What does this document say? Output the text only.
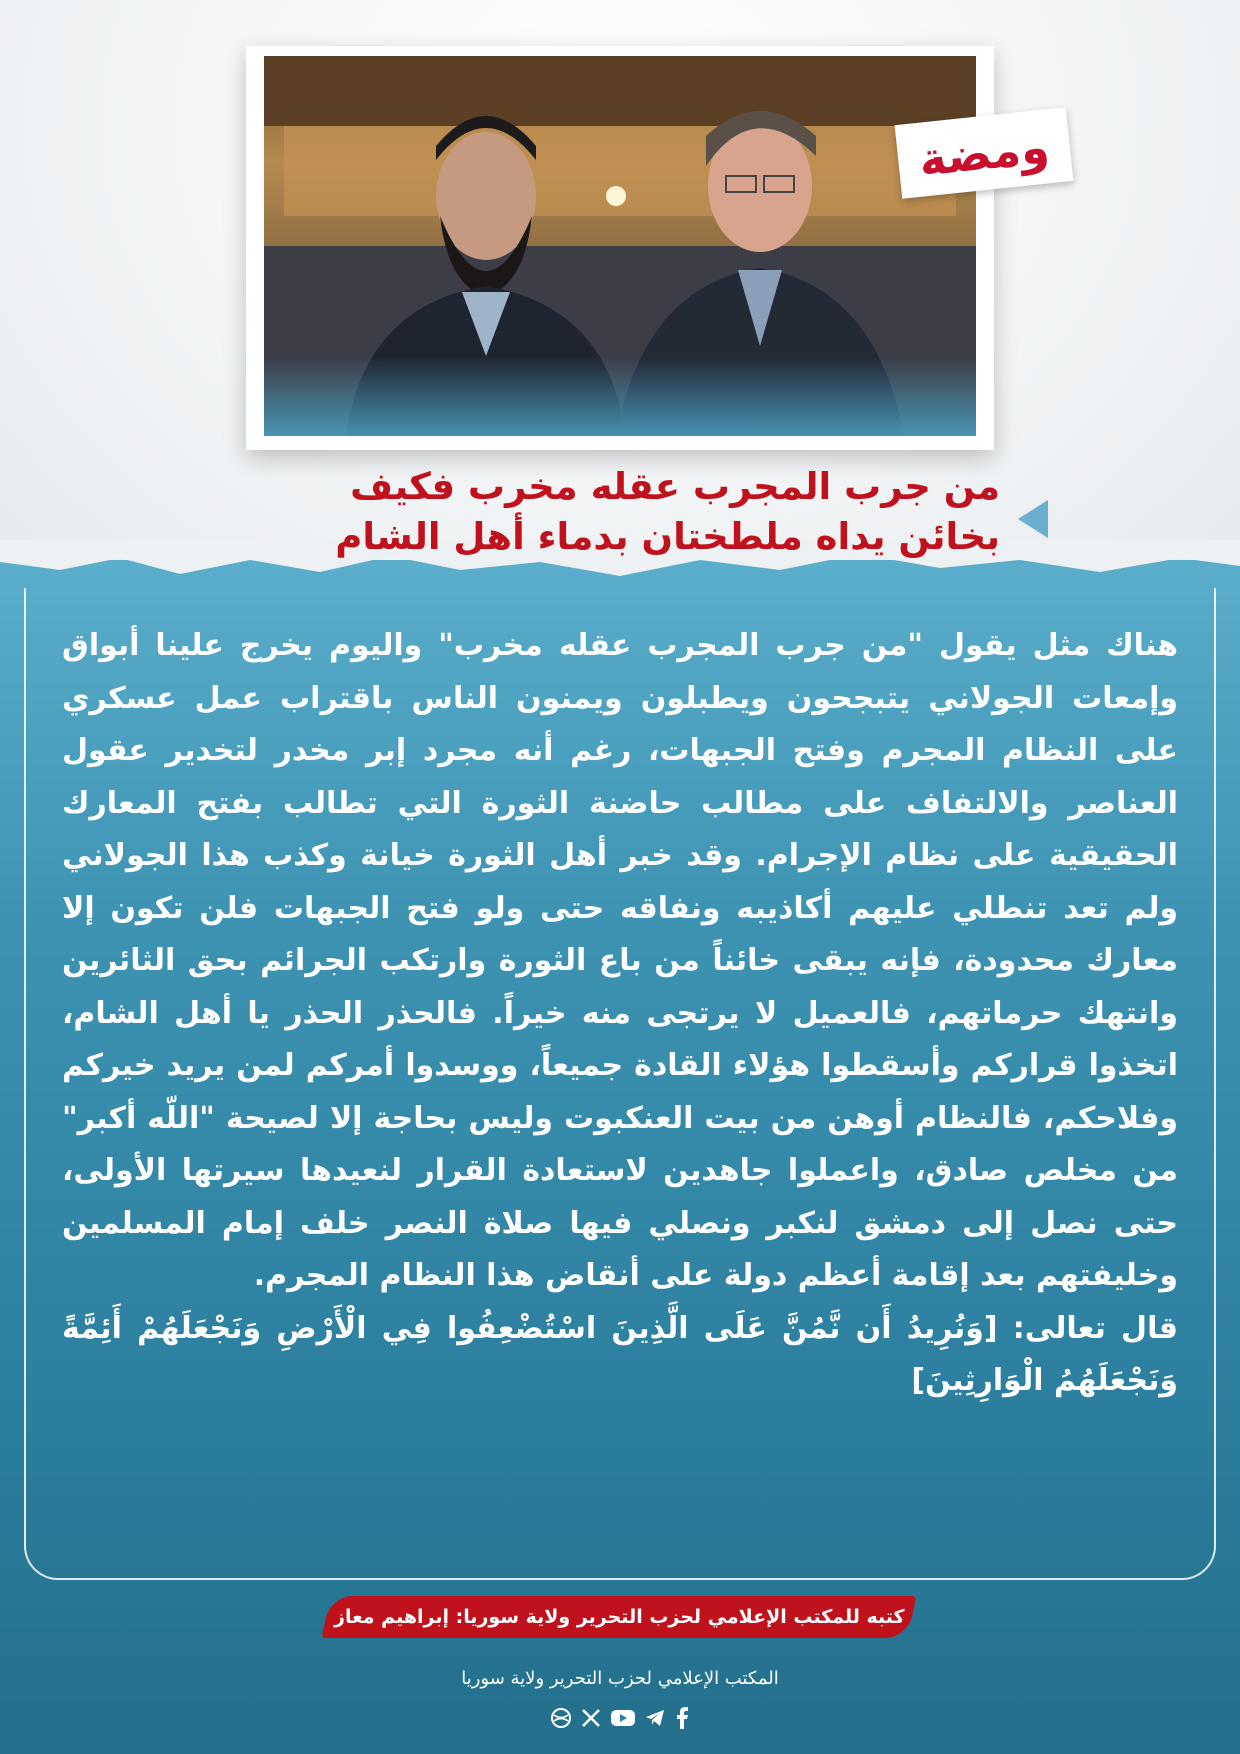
ومضة
من جرب المجرب عقله مخرب فكيف
بخائن يداه ملطختان بدماء أهل الشام
هناك مثل يقول "من جرب المجرب عقله مخرب" واليوم يخرج علينا أبواق وإمعات الجولاني يتبجحون ويطبلون ويمنون الناس باقتراب عمل عسكري على النظام المجرم وفتح الجبهات، رغم أنه مجرد إبر مخدر لتخدير عقول العناصر والالتفاف على مطالب حاضنة الثورة التي تطالب بفتح المعارك الحقيقية على نظام الإجرام. وقد خبر أهل الثورة خيانة وكذب هذا الجولاني ولم تعد تنطلي عليهم أكاذيبه ونفاقه حتى ولو فتح الجبهات فلن تكون إلا معارك محدودة، فإنه يبقى خائناً من باع الثورة وارتكب الجرائم بحق الثائرين وانتهك حرماتهم، فالعميل لا يرتجى منه خيراً. فالحذر الحذر يا أهل الشام، اتخذوا قراركم وأسقطوا هؤلاء القادة جميعاً، ووسدوا أمركم لمن يريد خيركم وفلاحكم، فالنظام أوهن من بيت العنكبوت وليس بحاجة إلا لصيحة "اللّه أكبر" من مخلص صادق، واعملوا جاهدين لاستعادة القرار لنعيدها سيرتها الأولى، حتى نصل إلى دمشق لنكبر ونصلي فيها صلاة النصر خلف إمام المسلمين وخليفتهم بعد إقامة أعظم دولة على أنقاض هذا النظام المجرم.
قال تعالى: [وَنُرِيدُ أَن نَّمُنَّ عَلَى الَّذِينَ اسْتُضْعِفُوا فِي الْأَرْضِ وَنَجْعَلَهُمْ أَئِمَّةً وَنَجْعَلَهُمُ الْوَارِثِينَ]
كتبه للمكتب الإعلامي لحزب التحرير ولاية سوريا: إبراهيم معاز
المكتب الإعلامي لحزب التحرير ولاية سوريا
